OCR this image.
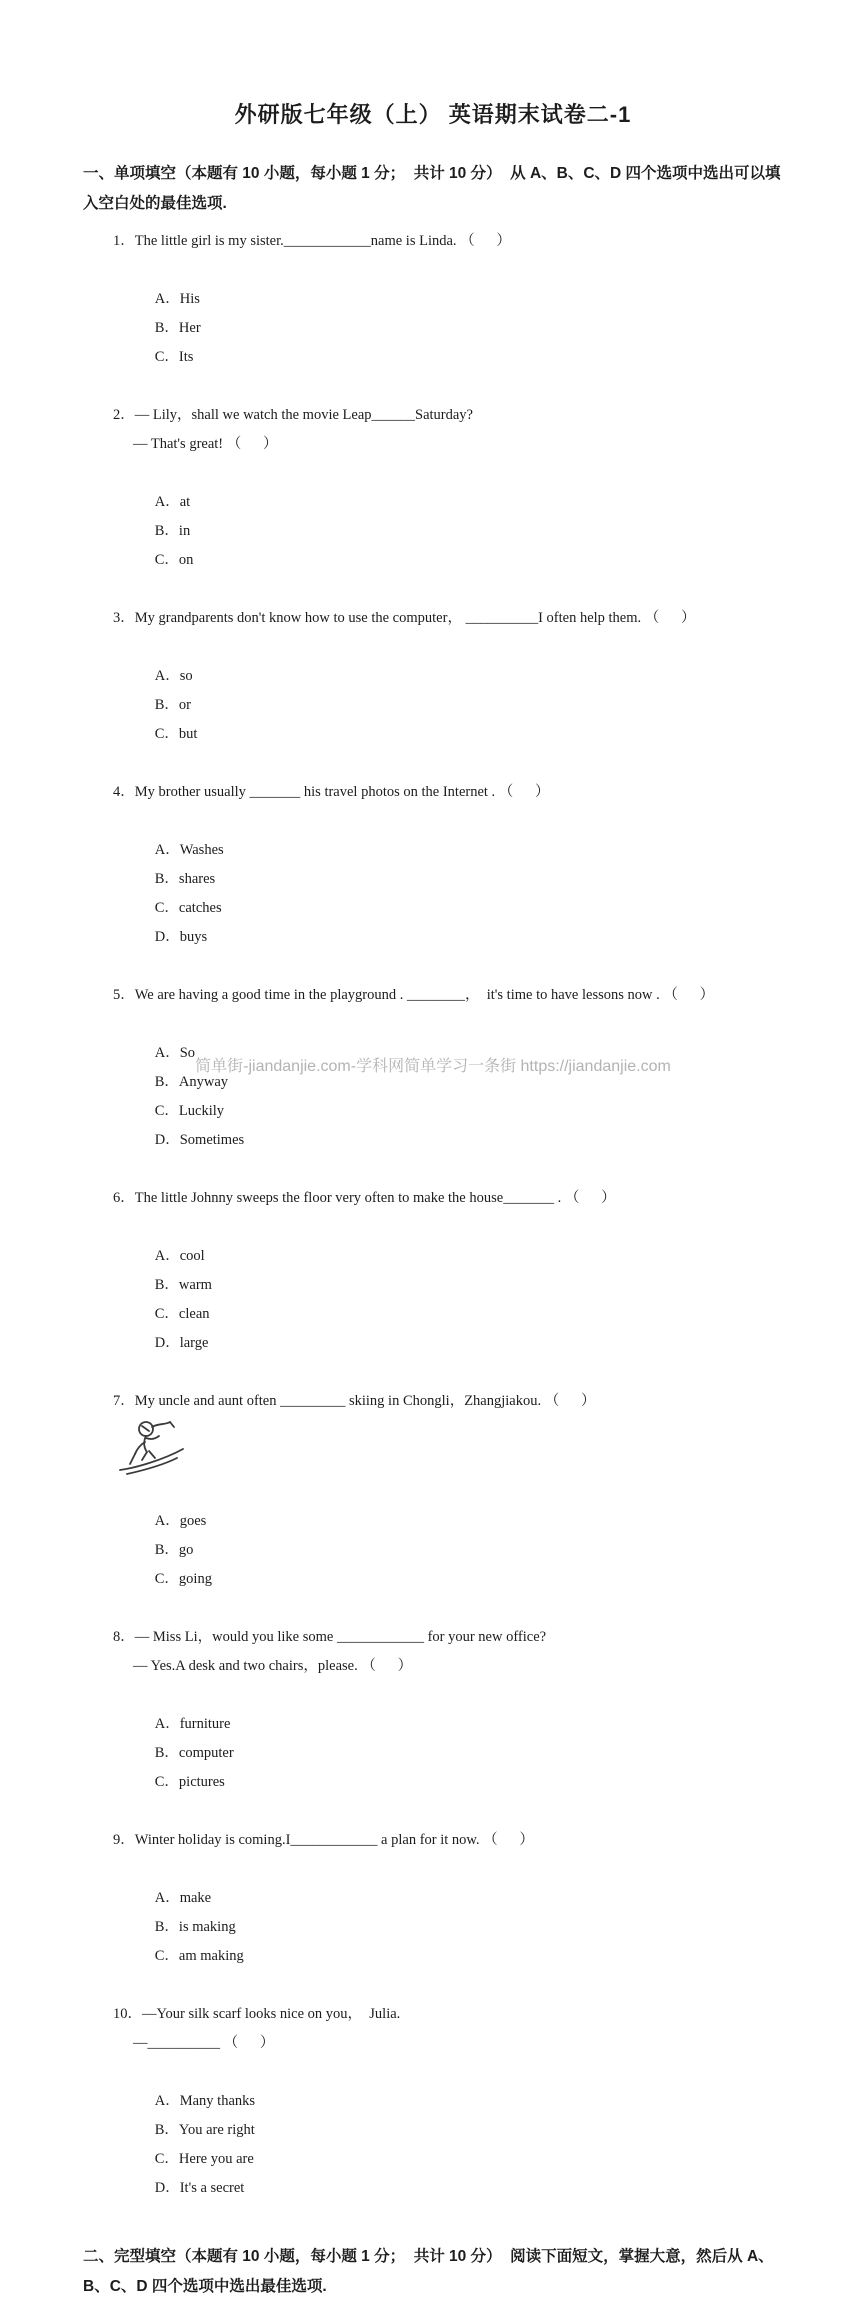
外研版七年级（上） 英语期末试卷二-1
一、单项填空（本题有 10 小题，每小题 1 分；  共计 10 分）  从 A、B、C、D 四个选项中选出可以填入空白处的最佳选项.
1．The little girl is my sister.____________name is Linda. （      ）

A．His
B．Her
C．Its

2．— Lily，shall we watch the movie Leap______Saturday?
— That's great! （      ）

A．at
B．in
C．on

3．My grandparents don't know how to use the computer， __________I often help them. （      ）

A．so
B．or
C．but

4．My brother usually _______ his travel photos on the Internet . （      ）

A．Washes
B．shares
C．catches
D．buys

5．We are having a good time in the playground . ________，  it's time to have lessons now . （      ）

A．So
B．Anyway
C．Luckily
D．Sometimes

6．The little Johnny sweeps the floor very often to make the house_______ . （      ）

A．cool
B．warm
C．clean
D．large

7．My uncle and aunt often _________ skiing in Chongli，Zhangjiakou. （      ）

A．goes
B．go
C．going

8．— Miss Li，would you like some ____________ for your new office?
— Yes.A desk and two chairs，please. （      ）

A．furniture
B．computer
C．pictures

9．Winter holiday is coming.I____________ a plan for it now. （      ）

A．make
B．is making
C．am making

10．—Your silk scarf looks nice on you，  Julia.
—__________ （      ）

A．Many thanks
B．You are right
C．Here you are
D．It's a secret

二、完型填空（本题有 10 小题，每小题 1 分；  共计 10 分）  阅读下面短文，掌握大意，然后从 A、B、C、D 四个选项中选出最佳选项.
简单街-jiandanjie.com-学科网简单学习一条街 https://jiandanjie.com
